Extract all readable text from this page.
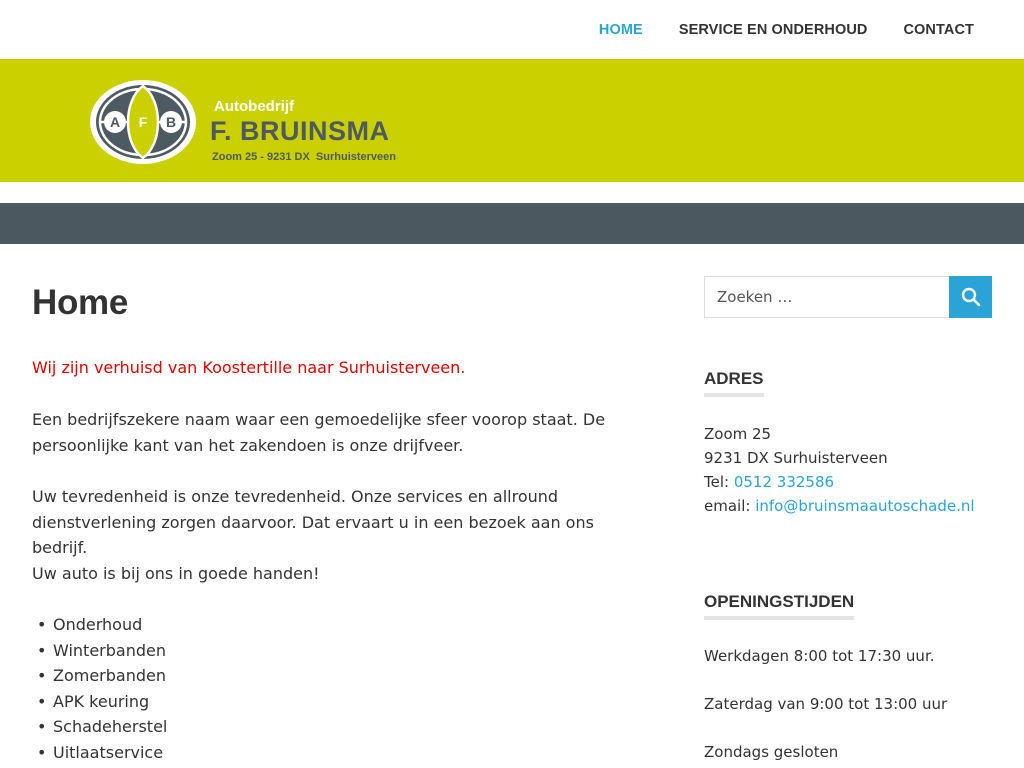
HOME SERVICE EN ONDERHOUD CONTACT
A F B
Autobedrijf
F. BRUINSMA
Zoom 25 - 9231 DX  Surhuisterveen
Home

Wij zijn verhuisd van Koostertille naar Surhuisterveen.

Een bedrijfszekere naam waar een gemoedelijke sfeer voorop staat. De persoonlijke kant van het zakendoen is onze drijfveer.

Uw tevredenheid is onze tevredenheid. Onze services en allround dienstverlening zorgen daarvoor. Dat ervaart u in een bezoek aan ons bedrijf.

Uw auto is bij ons in goede handen!

• Onderhoud
• Winterbanden
• Zomerbanden
• APK keuring
• Schadeherstel
• Uitlaatservice
Zoeken …
ADRES
Zoom 25
9231 DX Surhuisterveen
Tel: 0512 332586
email: info@bruinsmaautoschade.nl
OPENINGSTIJDEN

Werkdagen 8:00 tot 17:30 uur.

Zaterdag van 9:00 tot 13:00 uur

Zondags gesloten
